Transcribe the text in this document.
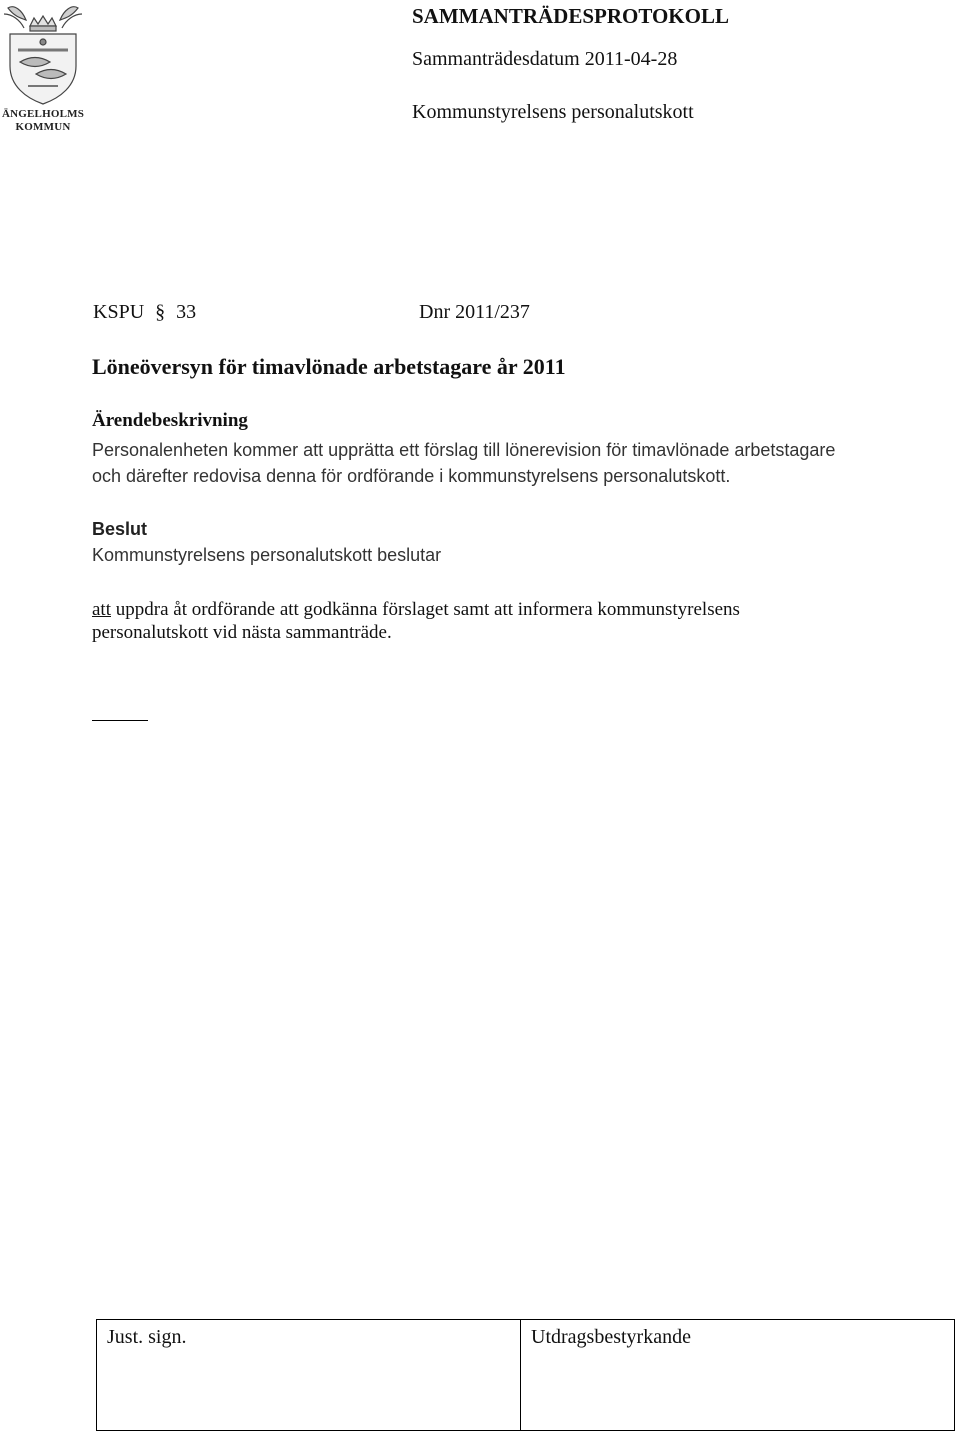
ÄNGELHOLMS
KOMMUN
SAMMANTRÄDESPROTOKOLL
Sammanträdesdatum 2011-04-28
Kommunstyrelsens personalutskott
KSPU § 33	Dnr 2011/237
Löneöversyn för timavlönade arbetstagare år 2011
Ärendebeskrivning
Personalenheten kommer att upprätta ett förslag till lönerevision för timavlönade arbetstagare
och därefter redovisa denna för ordförande i kommunstyrelsens personalutskott.
Beslut
Kommunstyrelsens personalutskott beslutar
att uppdra åt ordförande att godkänna förslaget samt att informera kommunstyrelsens
personalutskott vid nästa sammanträde.
Just. sign.	Utdragsbestyrkande
